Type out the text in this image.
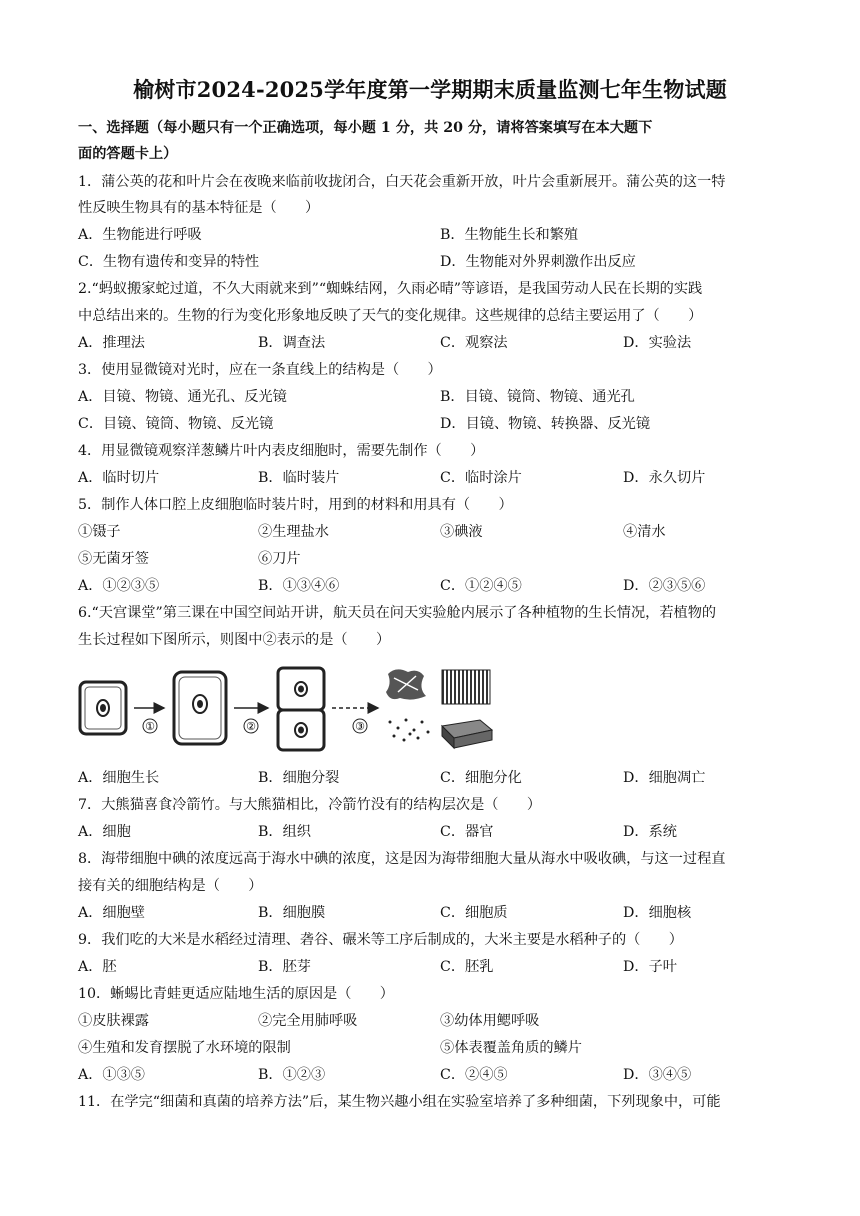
榆树市2024-2025学年度第一学期期末质量监测七年生物试题
一、选择题（每小题只有一个正确选项，每小题 1 分，共 20 分，请将答案填写在本大题下
面的答题卡上）
1．蒲公英的花和叶片会在夜晚来临前收拢闭合，白天花会重新开放，叶片会重新展开。蒲公英的这一特
性反映生物具有的基本特征是（　　）
A．生物能进行呼吸	B．生物能生长和繁殖
C．生物有遗传和变异的特性	D．生物能对外界刺激作出反应
2.“蚂蚁搬家蛇过道，不久大雨就来到”“蜘蛛结网，久雨必晴”等谚语，是我国劳动人民在长期的实践
中总结出来的。生物的行为变化形象地反映了天气的变化规律。这些规律的总结主要运用了（　　）
A．推理法	B．调查法	C．观察法	D．实验法
3．使用显微镜对光时，应在一条直线上的结构是（　　）
A．目镜、物镜、通光孔、反光镜	B．目镜、镜筒、物镜、通光孔
C．目镜、镜筒、物镜、反光镜	D．目镜、物镜、转换器、反光镜
4．用显微镜观察洋葱鳞片叶内表皮细胞时，需要先制作（　　）
A．临时切片	B．临时装片	C．临时涂片	D．永久切片
5．制作人体口腔上皮细胞临时装片时，用到的材料和用具有（　　）
①镊子	②生理盐水	③碘液	④清水
⑤无菌牙签	⑥刀片
A．①②③⑤	B．①③④⑥	C．①②④⑤	D．②③⑤⑥
6.“天宫课堂”第三课在中国空间站开讲，航天员在问天实验舱内展示了各种植物的生长情况，若植物的
生长过程如下图所示，则图中②表示的是（　　）
①	②	③
A．细胞生长	B．细胞分裂	C．细胞分化	D．细胞凋亡
7．大熊猫喜食冷箭竹。与大熊猫相比，冷箭竹没有的结构层次是（　　）
A．细胞	B．组织	C．器官	D．系统
8．海带细胞中碘的浓度远高于海水中碘的浓度，这是因为海带细胞大量从海水中吸收碘，与这一过程直
接有关的细胞结构是（　　）
A．细胞壁	B．细胞膜	C．细胞质	D．细胞核
9．我们吃的大米是水稻经过清理、砻谷、碾米等工序后制成的，大米主要是水稻种子的（　　）
A．胚	B．胚芽	C．胚乳	D．子叶
10．蜥蜴比青蛙更适应陆地生活的原因是（　　）
①皮肤裸露	②完全用肺呼吸	③幼体用鳃呼吸
④生殖和发育摆脱了水环境的限制	⑤体表覆盖角质的鳞片
A．①③⑤	B．①②③	C．②④⑤	D．③④⑤
11．在学完“细菌和真菌的培养方法”后，某生物兴趣小组在实验室培养了多种细菌，下列现象中，可能
